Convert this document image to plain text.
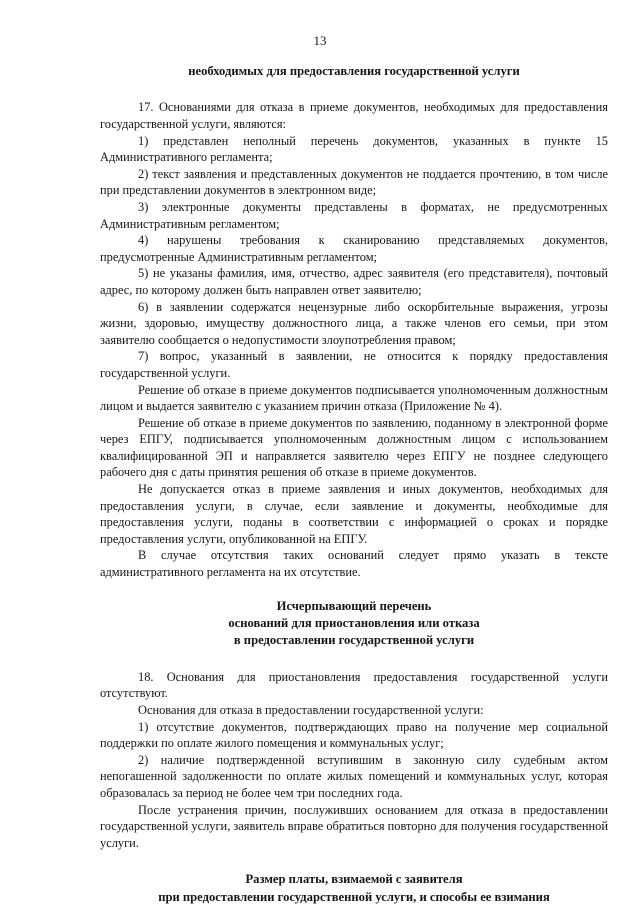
13
необходимых для предоставления государственной услуги

17. Основаниями для отказа в приеме документов, необходимых для предоставления государственной услуги, являются:

1) представлен неполный перечень документов, указанных в пункте 15 Административного регламента;

2) текст заявления и представленных документов не поддается прочтению, в том числе при представлении документов в электронном виде;

3) электронные документы представлены в форматах, не предусмотренных Административным регламентом;

4) нарушены требования к сканированию представляемых документов, предусмотренные Административным регламентом;

5) не указаны фамилия, имя, отчество, адрес заявителя (его представителя), почтовый адрес, по которому должен быть направлен ответ заявителю;

6) в заявлении содержатся нецензурные либо оскорбительные выражения, угрозы жизни, здоровью, имуществу должностного лица, а также членов его семьи, при этом заявителю сообщается о недопустимости злоупотребления правом;

7) вопрос, указанный в заявлении, не относится к порядку предоставления государственной услуги.

Решение об отказе в приеме документов подписывается уполномоченным должностным лицом и выдается заявителю с указанием причин отказа (Приложение № 4).

Решение об отказе в приеме документов по заявлению, поданному в электронной форме через ЕПГУ, подписывается уполномоченным должностным лицом с использованием квалифицированной ЭП и направляется заявителю через ЕПГУ не позднее следующего рабочего дня с даты принятия решения об отказе в приеме документов.

Не допускается отказ в приеме заявления и иных документов, необходимых для предоставления услуги, в случае, если заявление и документы, необходимые для предоставления услуги, поданы в соответствии с информацией о сроках и порядке предоставления услуги, опубликованной на ЕПГУ.

В случае отсутствия таких оснований следует прямо указать в тексте административного регламента на их отсутствие.

Исчерпывающий перечень
оснований для приостановления или отказа
в предоставлении государственной услуги

18. Основания для приостановления предоставления государственной услуги отсутствуют.

Основания для отказа в предоставлении государственной услуги:

1) отсутствие документов, подтверждающих право на получение мер социальной поддержки по оплате жилого помещения и коммунальных услуг;

2) наличие подтвержденной вступившим в законную силу судебным актом непогашенной задолженности по оплате жилых помещений и коммунальных услуг, которая образовалась за период не более чем три последних года.

После устранения причин, послуживших основанием для отказа в предоставлении государственной услуги, заявитель вправе обратиться повторно для получения государственной услуги.

Размер платы, взимаемой с заявителя
при предоставлении государственной услуги, и способы ее взимания
